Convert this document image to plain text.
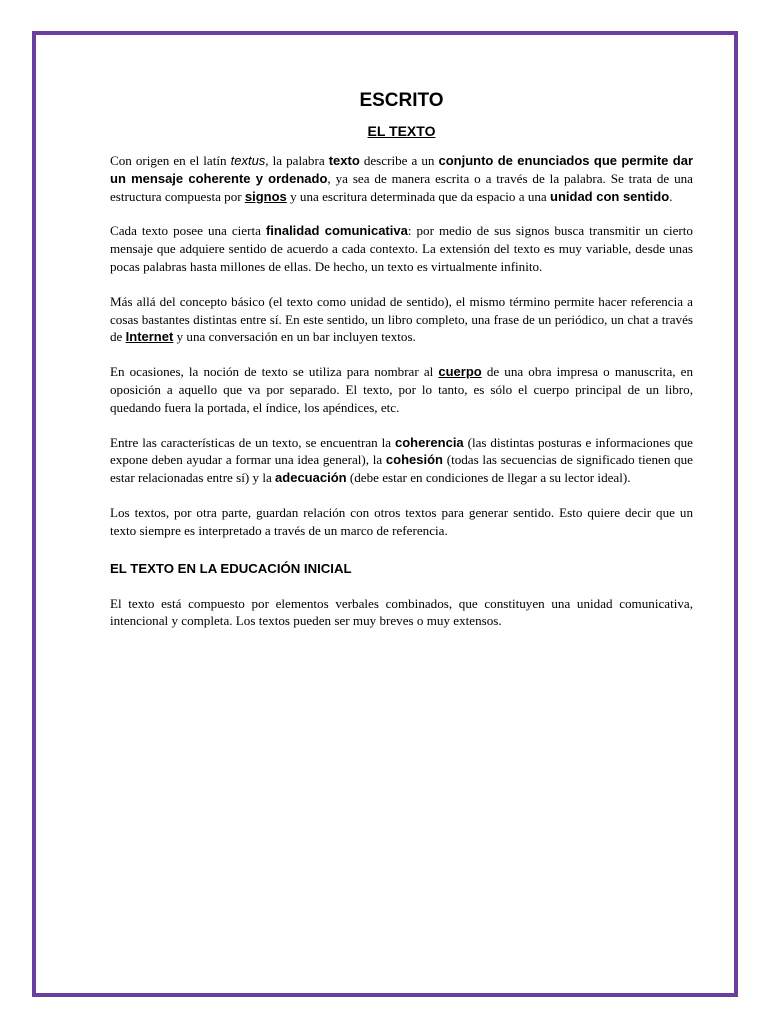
ESCRITO
EL TEXTO

Con origen en el latín textus, la palabra texto describe a un conjunto de enunciados que permite dar un mensaje coherente y ordenado, ya sea de manera escrita o a través de la palabra. Se trata de una estructura compuesta por signos y una escritura determinada que da espacio a una unidad con sentido.

Cada texto posee una cierta finalidad comunicativa: por medio de sus signos busca transmitir un cierto mensaje que adquiere sentido de acuerdo a cada contexto. La extensión del texto es muy variable, desde unas pocas palabras hasta millones de ellas. De hecho, un texto es virtualmente infinito.

Más allá del concepto básico (el texto como unidad de sentido), el mismo término permite hacer referencia a cosas bastantes distintas entre sí. En este sentido, un libro completo, una frase de un periódico, un chat a través de Internet y una conversación en un bar incluyen textos.

En ocasiones, la noción de texto se utiliza para nombrar al cuerpo de una obra impresa o manuscrita, en oposición a aquello que va por separado. El texto, por lo tanto, es sólo el cuerpo principal de un libro, quedando fuera la portada, el índice, los apéndices, etc.

Entre las características de un texto, se encuentran la coherencia (las distintas posturas e informaciones que expone deben ayudar a formar una idea general), la cohesión (todas las secuencias de significado tienen que estar relacionadas entre sí) y la adecuación (debe estar en condiciones de llegar a su lector ideal).

Los textos, por otra parte, guardan relación con otros textos para generar sentido. Esto quiere decir que un texto siempre es interpretado a través de un marco de referencia.

EL TEXTO EN LA EDUCACIÓN INICIAL

El texto está compuesto por elementos verbales combinados, que constituyen una unidad comunicativa, intencional y completa. Los textos pueden ser muy breves o muy extensos.
